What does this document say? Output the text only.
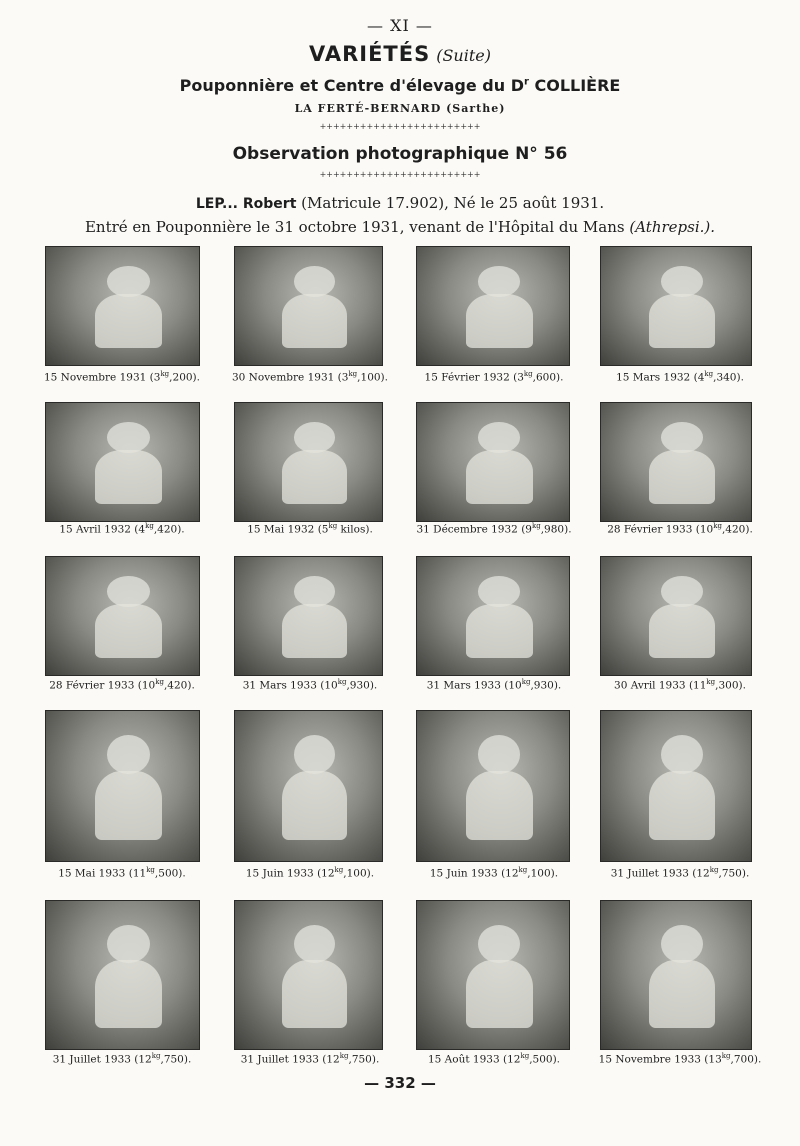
— XI —
VARIÉTÉS (Suite)
Pouponnière et Centre d'élevage du $D^r$ COLLIÈRE
LA FERTÉ-BERNARD (Sarthe)
++++++++++++++++++++++++
Observation photographique N° 56
++++++++++++++++++++++++
LEP... Robert (Matricule 17.902), Né le 25 août 1931.
Entré en Pouponnière le 31 octobre 1931, venant de l'Hôpital du Mans (Athrepsi.).
15 Novembre 1931 $(3^{kg},200)$.	30 Novembre 1931 $(3^{kg},100)$.	15 Février 1932 $(3^{kg},600)$.	15 Mars 1932 $(4^{kg},340)$.
15 Avril 1932 $(4^{kg},420)$.	15 Mai 1932 ($5^{kg}$ kilos).	31 Décembre 1932 $(9^{kg},980)$.	28 Février 1933 $(10^{kg},420)$.
28 Février 1933 $(10^{kg},420)$.	31 Mars 1933 $(10^{kg},930)$.	31 Mars 1933 $(10^{kg},930)$.	30 Avril 1933 $(11^{kg},300)$.
15 Mai 1933 $(11^{kg},500)$.	15 Juin 1933 $(12^{kg},100)$.	15 Juin 1933 $(12^{kg},100)$.	31 Juillet 1933 $(12^{kg},750)$.
31 Juillet 1933 $(12^{kg},750)$.	31 Juillet 1933 $(12^{kg},750)$.	15 Août 1933 $(12^{kg},500)$.	15 Novembre 1933 $(13^{kg},700)$.
— 332 —
